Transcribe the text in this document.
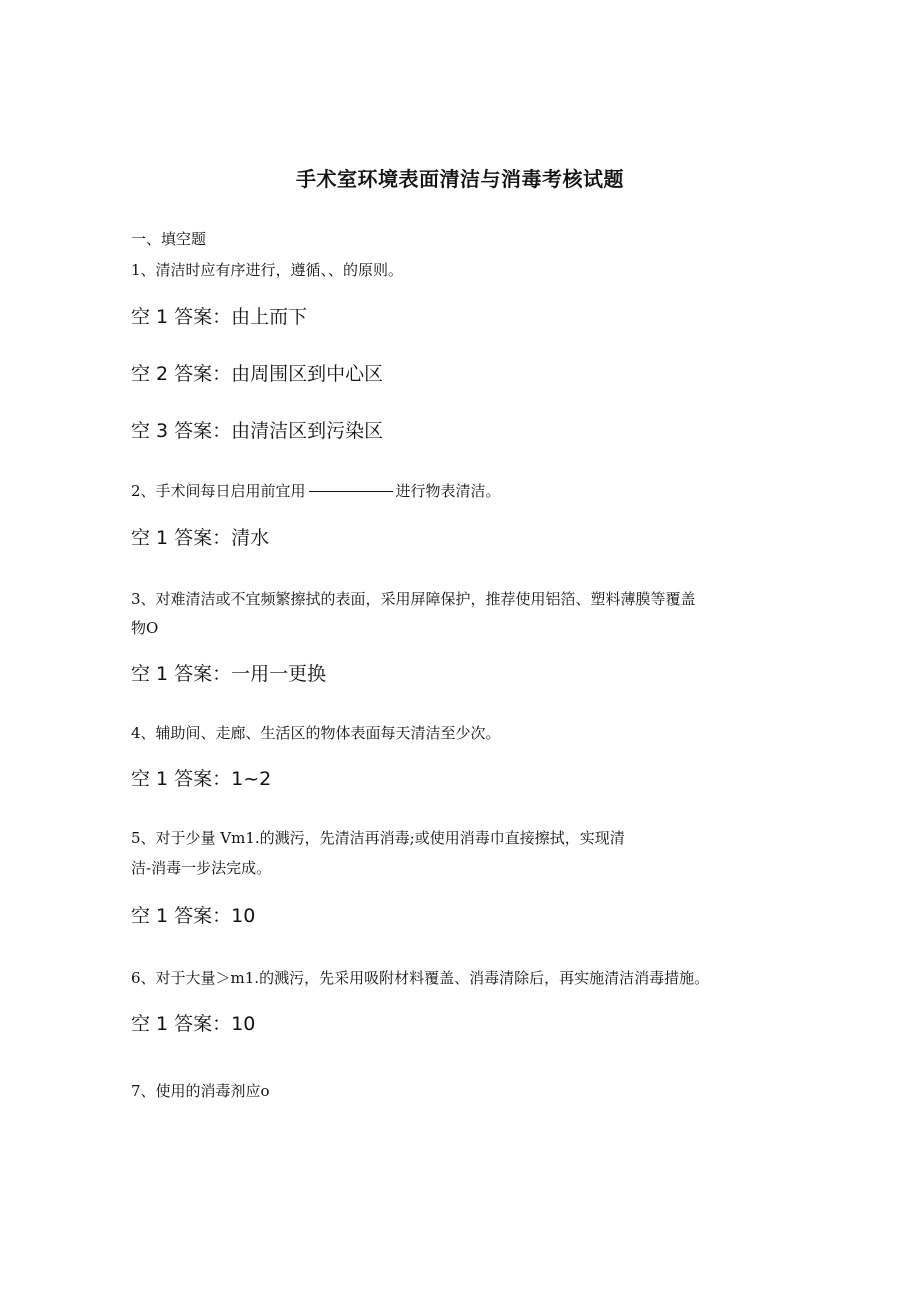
手术室环境表面清洁与消毒考核试题
一、填空题
1、清洁时应有序进行，遵循、、的原则。
空 1 答案：由上而下
空 2 答案：由周围区到中心区
空 3 答案：由清洁区到污染区
2、手术间每日启用前宜用	进行物表清洁。
空 1 答案：清水
3、对难清洁或不宜频繁擦拭的表面，采用屏障保护，推荐使用铝箔、塑料薄膜等覆盖
物O
空 1 答案：一用一更换
4、辅助间、走廊、生活区的物体表面每天清洁至少次。
空 1 答案：1~2
5、对于少量 Vm1.的溅污，先清洁再消毒;或使用消毒巾直接擦拭，实现清
洁-消毒一步法完成。
空 1 答案：10
6、对于大量＞m1.的溅污，先采用吸附材料覆盖、消毒清除后，再实施清洁消毒措施。
空 1 答案：10
7、使用的消毒剂应o
